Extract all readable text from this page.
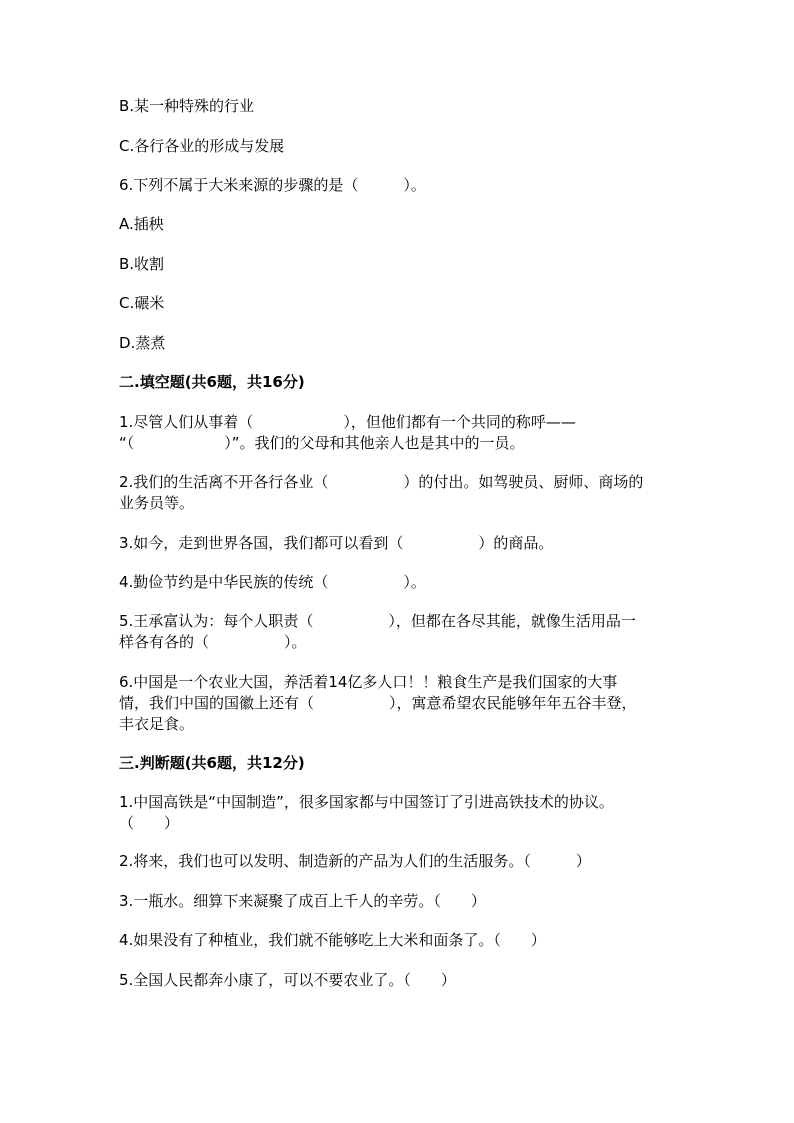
B.某一种特殊的行业

C.各行各业的形成与发展

6.下列不属于大米来源的步骤的是（　　　）。

A.插秧

B.收割

C.碾米

D.蒸煮

二.填空题(共6题，共16分)

1.尽管人们从事着（　　　　　　），但他们都有一个共同的称呼——

“（　　　　　　）”。我们的父母和其他亲人也是其中的一员。

2.我们的生活离不开各行各业（　　　　　）的付出。如驾驶员、厨师、商场的

业务员等。

3.如今，走到世界各国，我们都可以看到（　　　　　）的商品。

4.勤俭节约是中华民族的传统（　　　　　）。

5.王承富认为：每个人职责（　　　　　），但都在各尽其能，就像生活用品一

样各有各的（　　　　　）。

6.中国是一个农业大国，养活着14亿多人口！！粮食生产是我们国家的大事

情，我们中国的国徽上还有（　　　　　），寓意希望农民能够年年五谷丰登，

丰衣足食。

三.判断题(共6题，共12分)

1.中国高铁是“中国制造”，很多国家都与中国签订了引进高铁技术的协议。

（　　）

2.将来，我们也可以发明、制造新的产品为人们的生活服务。（　　　）

3.一瓶水。细算下来凝聚了成百上千人的辛劳。（　　）

4.如果没有了种植业，我们就不能够吃上大米和面条了。（　　）

5.全国人民都奔小康了，可以不要农业了。（　　）
